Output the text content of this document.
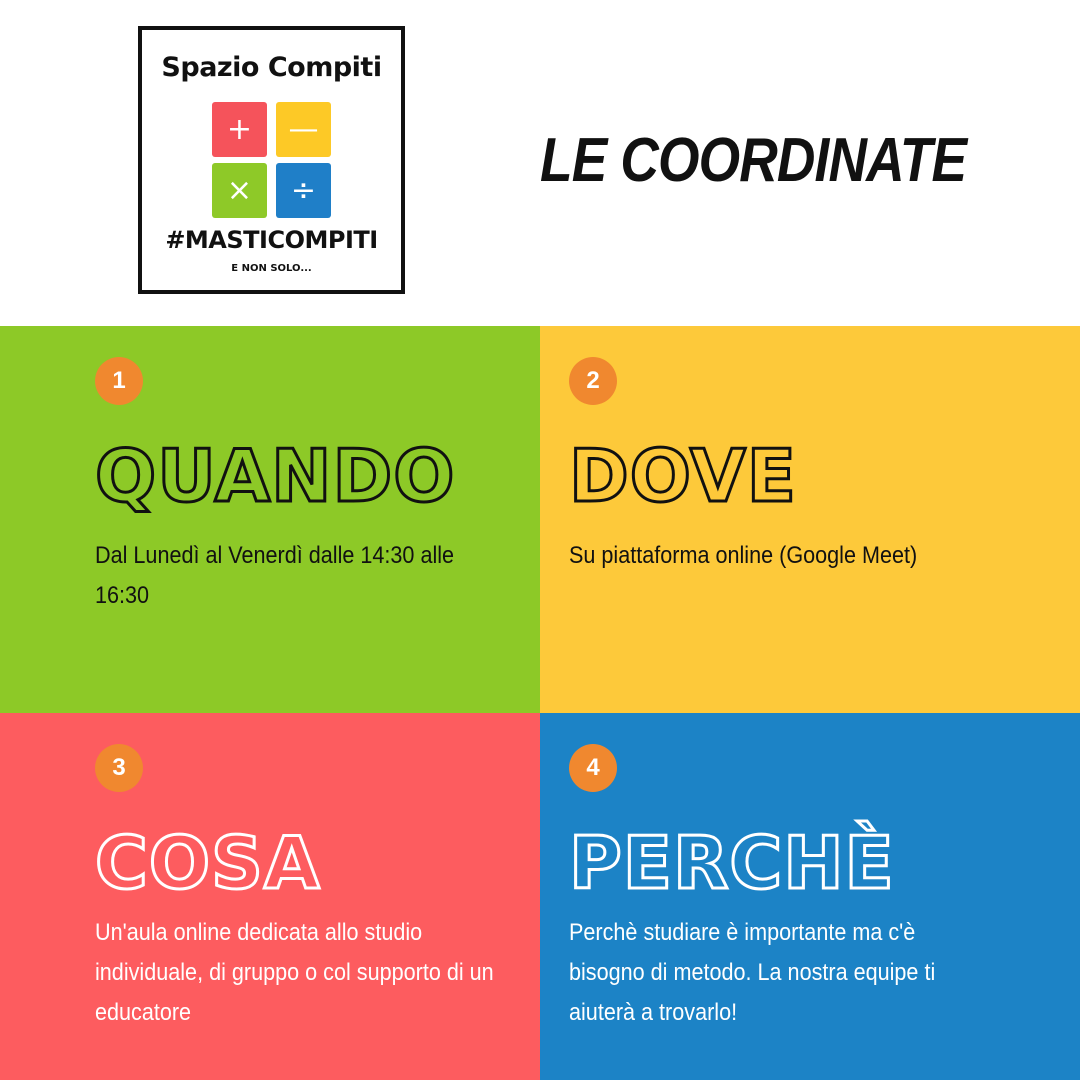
Spazio Compiti
+	—
×	÷
#MASTICOMPITI
E NON SOLO...
LE COORDINATE
1
QUANDO
Dal Lunedì al Venerdì dalle 14:30 alle 16:30
2
DOVE
Su piattaforma online (Google Meet)
3
COSA
Un'aula online dedicata allo studio individuale, di gruppo o col supporto di un educatore
4
PERCHÈ
Perchè studiare è importante ma c'è bisogno di metodo. La nostra equipe ti aiuterà a trovarlo!
